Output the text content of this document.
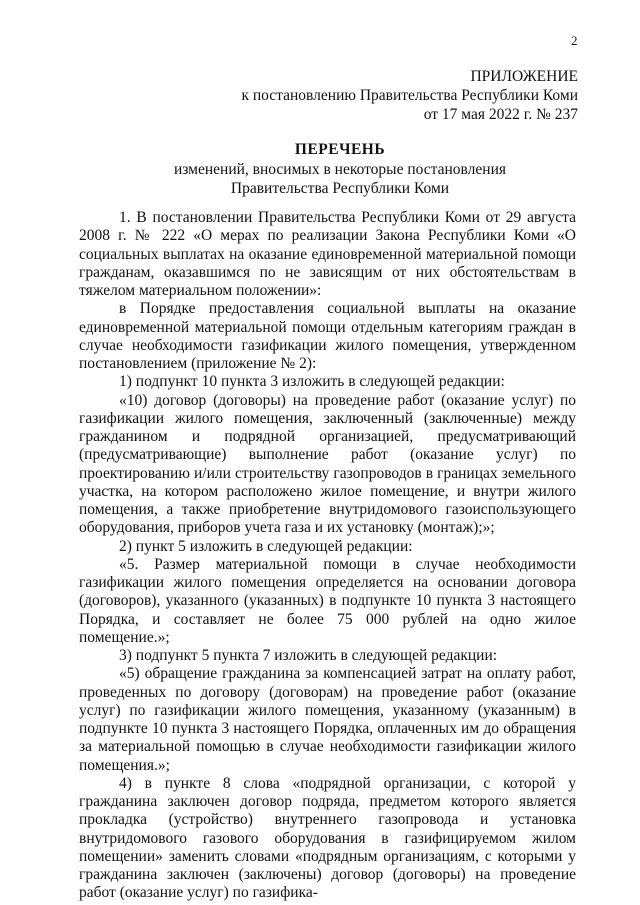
2
ПРИЛОЖЕНИЕ
к постановлению Правительства Республики Коми
от 17 мая 2022 г. № 237
ПЕРЕЧЕНЬ
изменений, вносимых в некоторые постановления
Правительства Республики Коми

1. В постановлении Правительства Республики Коми от 29 августа 2008 г. № 222 «О мерах по реализации Закона Республики Коми «О социальных выплатах на оказание единовременной материальной помощи гражданам, оказавшимся по не зависящим от них обстоятельствам в тяжелом материальном положении»:

в Порядке предоставления социальной выплаты на оказание единовременной материальной помощи отдельным категориям граждан в случае необходимости газификации жилого помещения, утвержденном постановлением (приложение № 2):

1) подпункт 10 пункта 3 изложить в следующей редакции:

«10) договор (договоры) на проведение работ (оказание услуг) по газификации жилого помещения, заключенный (заключенные) между гражданином и подрядной организацией, предусматривающий (предусматривающие) выполнение работ (оказание услуг) по проектированию и/или строительству газопроводов в границах земельного участка, на котором расположено жилое помещение, и внутри жилого помещения, а также приобретение внутридомового газоиспользующего оборудования, приборов учета газа и их установку (монтаж);»;

2) пункт 5 изложить в следующей редакции:

«5. Размер материальной помощи в случае необходимости газификации жилого помещения определяется на основании договора (договоров), указанного (указанных) в подпункте 10 пункта 3 настоящего Порядка, и составляет не более 75 000 рублей на одно жилое помещение.»;

3) подпункт 5 пункта 7 изложить в следующей редакции:

«5) обращение гражданина за компенсацией затрат на оплату работ, проведенных по договору (договорам) на проведение работ (оказание услуг) по газификации жилого помещения, указанному (указанным) в подпункте 10 пункта 3 настоящего Порядка, оплаченных им до обращения за материальной помощью в случае необходимости газификации жилого помещения.»;

4) в пункте 8 слова «подрядной организации, с которой у гражданина заключен договор подряда, предметом которого является прокладка (устройство) внутреннего газопровода и установка внутридомового газового оборудования в газифицируемом жилом помещении» заменить словами «подрядным организациям, с которыми у гражданина заключен (заключены) договор (договоры) на проведение работ (оказание услуг) по газифика-
